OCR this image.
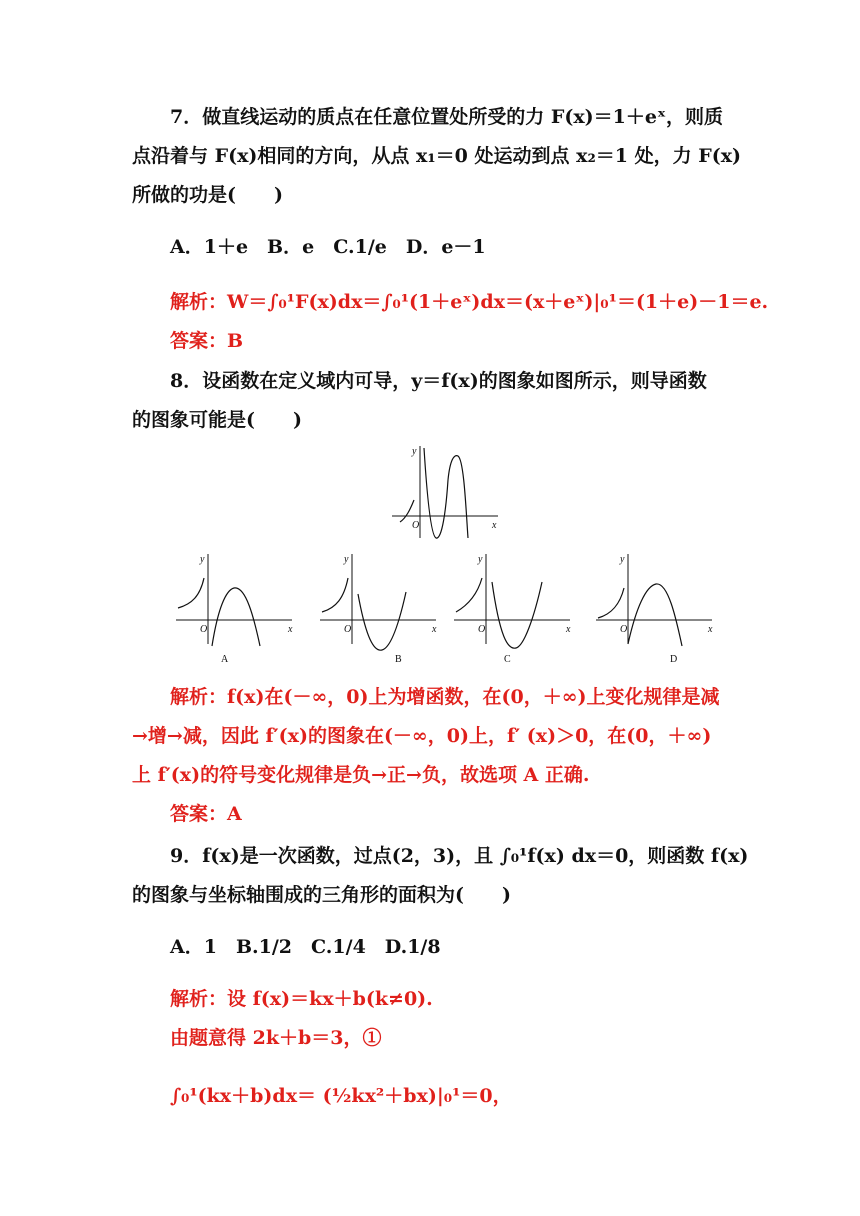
7．做直线运动的质点在任意位置处所受的力 F(x)＝1＋eˣ，则质
点沿着与 F(x)相同的方向，从点 x₁＝0 处运动到点 x₂＝1 处，力 F(x)
所做的功是(　　)
A．1＋e　B．e　C.1/e　D．e－1
解析：W＝∫₀¹F(x)dx＝∫₀¹(1＋eˣ)dx＝(x＋eˣ)|₀¹＝(1＋e)－1＝e.
答案：B
8．设函数在定义域内可导，y＝f(x)的图象如图所示，则导函数
的图象可能是(　　)
y
x
O
y
x
O
A
y
x
O
B
y
x
O
C
y
x
O
D
解析：f(x)在(－∞，0)上为增函数，在(0，＋∞)上变化规律是减
→增→减，因此 f′(x)的图象在(－∞，0)上，f′ (x)＞0，在(0，＋∞)
上 f′(x)的符号变化规律是负→正→负，故选项 A 正确.
答案：A
9．f(x)是一次函数，过点(2，3)，且 ∫₀¹f(x) dx＝0，则函数 f(x)
的图象与坐标轴围成的三角形的面积为(　　)
A．1　B.1/2　C.1/4　D.1/8
解析：设 f(x)＝kx＋b(k≠0).
由题意得 2k＋b＝3，①
∫₀¹(kx＋b)dx＝ (½kx²＋bx)|₀¹＝0，
